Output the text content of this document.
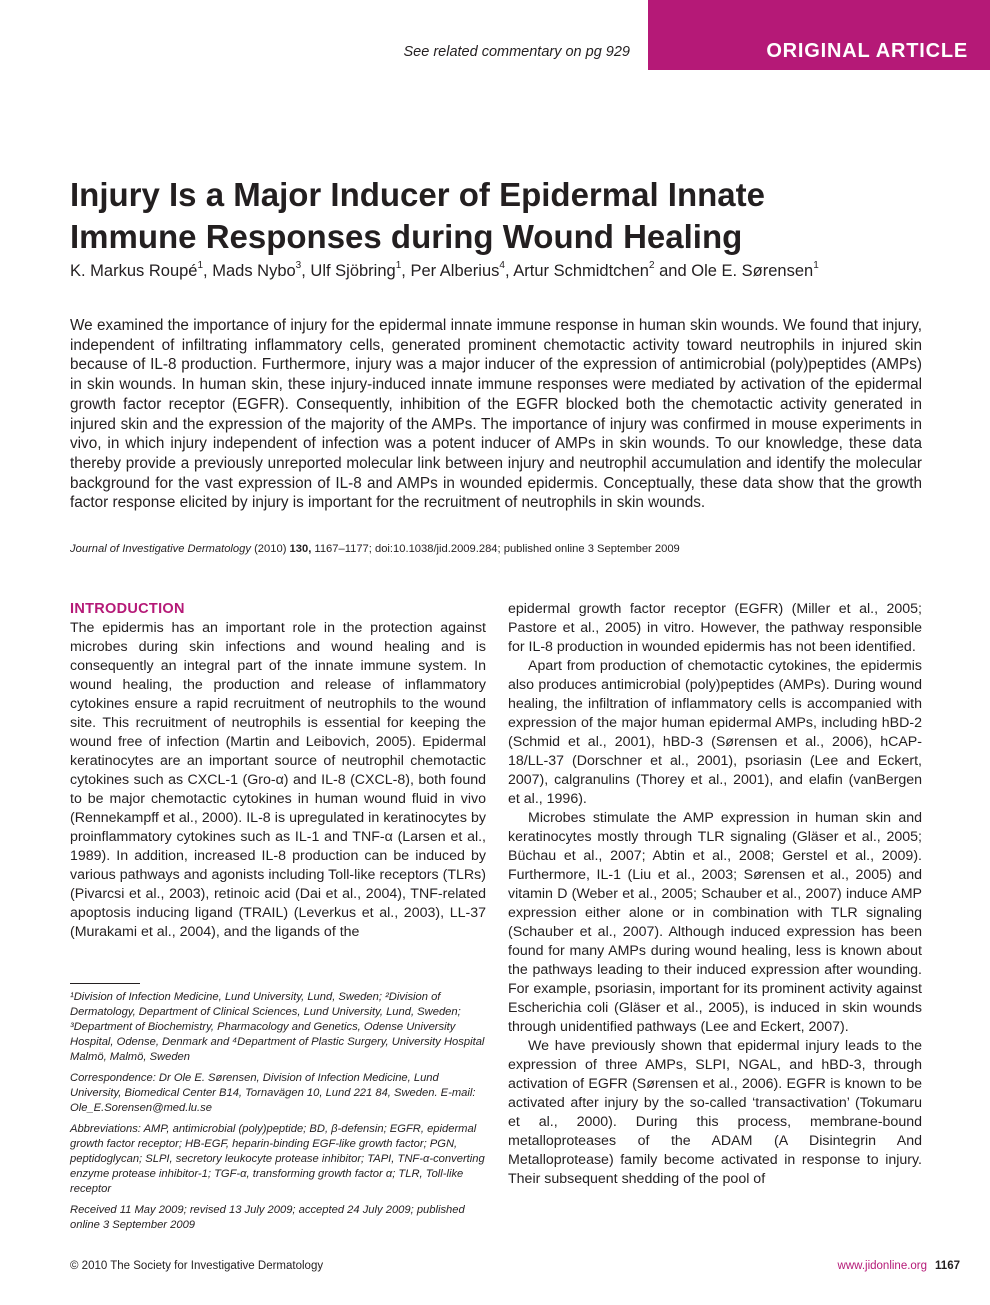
See related commentary on pg 929	ORIGINAL ARTICLE
Injury Is a Major Inducer of Epidermal Innate Immune Responses during Wound Healing
K. Markus Roupé$^1$, Mads Nybo$^3$, Ulf Sjöbring$^1$, Per Alberius$^4$, Artur Schmidtchen$^2$ and Ole E. Sørensen$^1$

We examined the importance of injury for the epidermal innate immune response in human skin wounds. We found that injury, independent of infiltrating inflammatory cells, generated prominent chemotactic activity toward neutrophils in injured skin because of IL-8 production. Furthermore, injury was a major inducer of the expression of antimicrobial (poly)peptides (AMPs) in skin wounds. In human skin, these injury-induced innate immune responses were mediated by activation of the epidermal growth factor receptor (EGFR). Consequently, inhibition of the EGFR blocked both the chemotactic activity generated in injured skin and the expression of the majority of the AMPs. The importance of injury was confirmed in mouse experiments in vivo, in which injury independent of infection was a potent inducer of AMPs in skin wounds. To our knowledge, these data thereby provide a previously unreported molecular link between injury and neutrophil accumulation and identify the molecular background for the vast expression of IL-8 and AMPs in wounded epidermis. Conceptually, these data show that the growth factor response elicited by injury is important for the recruitment of neutrophils in skin wounds.

Journal of Investigative Dermatology (2010) 130, 1167–1177; doi:10.1038/jid.2009.284; published online 3 September 2009
INTRODUCTION

The epidermis has an important role in the protection against microbes during skin infections and wound healing and is consequently an integral part of the innate immune system. In wound healing, the production and release of inflammatory cytokines ensure a rapid recruitment of neutrophils to the wound site. This recruitment of neutrophils is essential for keeping the wound free of infection (Martin and Leibovich, 2005). Epidermal keratinocytes are an important source of neutrophil chemotactic cytokines such as CXCL-1 (Gro-α) and IL-8 (CXCL-8), both found to be major chemotactic cytokines in human wound fluid in vivo (Rennekampff et al., 2000). IL-8 is upregulated in keratinocytes by proinflammatory cytokines such as IL-1 and TNF-α (Larsen et al., 1989). In addition, increased IL-8 production can be induced by various pathways and agonists including Toll-like receptors (TLRs) (Pivarcsi et al., 2003), retinoic acid (Dai et al., 2004), TNF-related apoptosis inducing ligand (TRAIL) (Leverkus et al., 2003), LL-37 (Murakami et al., 2004), and the ligands of the

¹Division of Infection Medicine, Lund University, Lund, Sweden; ²Division of Dermatology, Department of Clinical Sciences, Lund University, Lund, Sweden; ³Department of Biochemistry, Pharmacology and Genetics, Odense University Hospital, Odense, Denmark and ⁴Department of Plastic Surgery, University Hospital Malmö, Malmö, Sweden

Correspondence: Dr Ole E. Sørensen, Division of Infection Medicine, Lund University, Biomedical Center B14, Tornavägen 10, Lund 221 84, Sweden. E-mail: Ole_E.Sorensen@med.lu.se

Abbreviations: AMP, antimicrobial (poly)peptide; BD, β-defensin; EGFR, epidermal growth factor receptor; HB-EGF, heparin-binding EGF-like growth factor; PGN, peptidoglycan; SLPI, secretory leukocyte protease inhibitor; TAPI, TNF-α-converting enzyme protease inhibitor-1; TGF-α, transforming growth factor α; TLR, Toll-like receptor

Received 11 May 2009; revised 13 July 2009; accepted 24 July 2009; published online 3 September 2009

epidermal growth factor receptor (EGFR) (Miller et al., 2005; Pastore et al., 2005) in vitro. However, the pathway responsible for IL-8 production in wounded epidermis has not been identified.

Apart from production of chemotactic cytokines, the epidermis also produces antimicrobial (poly)peptides (AMPs). During wound healing, the infiltration of inflammatory cells is accompanied with expression of the major human epidermal AMPs, including hBD-2 (Schmid et al., 2001), hBD-3 (Sørensen et al., 2006), hCAP-18/LL-37 (Dorschner et al., 2001), psoriasin (Lee and Eckert, 2007), calgranulins (Thorey et al., 2001), and elafin (vanBergen et al., 1996).

Microbes stimulate the AMP expression in human skin and keratinocytes mostly through TLR signaling (Gläser et al., 2005; Büchau et al., 2007; Abtin et al., 2008; Gerstel et al., 2009). Furthermore, IL-1 (Liu et al., 2003; Sørensen et al., 2005) and vitamin D (Weber et al., 2005; Schauber et al., 2007) induce AMP expression either alone or in combination with TLR signaling (Schauber et al., 2007). Although induced expression has been found for many AMPs during wound healing, less is known about the pathways leading to their induced expression after wounding. For example, psoriasin, important for its prominent activity against Escherichia coli (Gläser et al., 2005), is induced in skin wounds through unidentified pathways (Lee and Eckert, 2007).

We have previously shown that epidermal injury leads to the expression of three AMPs, SLPI, NGAL, and hBD-3, through activation of EGFR (Sørensen et al., 2006). EGFR is known to be activated after injury by the so-called ‘transactivation’ (Tokumaru et al., 2000). During this process, membrane-bound metalloproteases of the ADAM (A Disintegrin And Metalloprotease) family become activated in response to injury. Their subsequent shedding of the pool of

© 2010 The Society for Investigative Dermatology	www.jidonline.org 1167
